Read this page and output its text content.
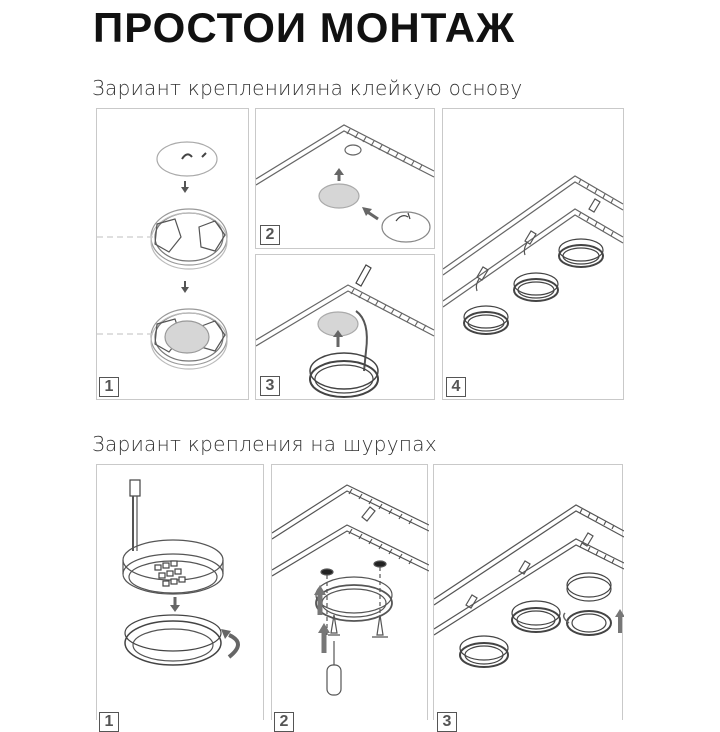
ПРОСТОИ МОНТАЖ
Зариант креплениияна клейкую основу
1
2
3	4
Зариант крепления на шурупах
1	2	3
